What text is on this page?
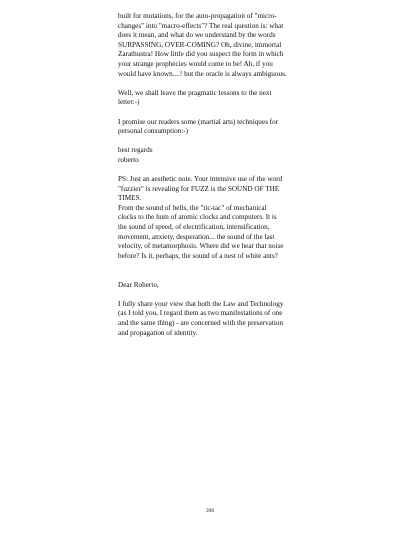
built for mutations, for the auto-propagation of "micro-
changes" into "macro-effects"? The real question is: what
does it mean, and what do we understand by the words
SURPASSING, OVER-COMING? Oh, divine, immortal
Zarathustra! How little did you suspect the form in which
your strange prophecies would come to be! Ah, if you
would have known....! but the oracle is always ambiguous.

Well, we shall leave the pragmatic lessons to the next
letter:-)

I promise our readers some (martial arts) techniques for
personal consumption:-)

best regards
roberto

PS: Just an aesthetic note. Your intensive use of the word
"fuzzier" is revealing for FUZZ is the SOUND OF THE
TIMES.
From the sound of bells, the "tic-tac" of mechanical
clocks to the hum of atomic clocks and computers. It is
the sound of speed, of electrification, intensification,
movement, anxiety, desperation... the sound of the last
velocity, of metamorphosis. Where did we hear that noise
before? Is it, perhaps, the sound of a nest of white ants?

Dear Roberto,

I fully share your view that both the Law and Technology
(as I told you, I regard them as two manifestations of one
and the same thing) - are concerned with the preservation
and propagation of identity.

396
